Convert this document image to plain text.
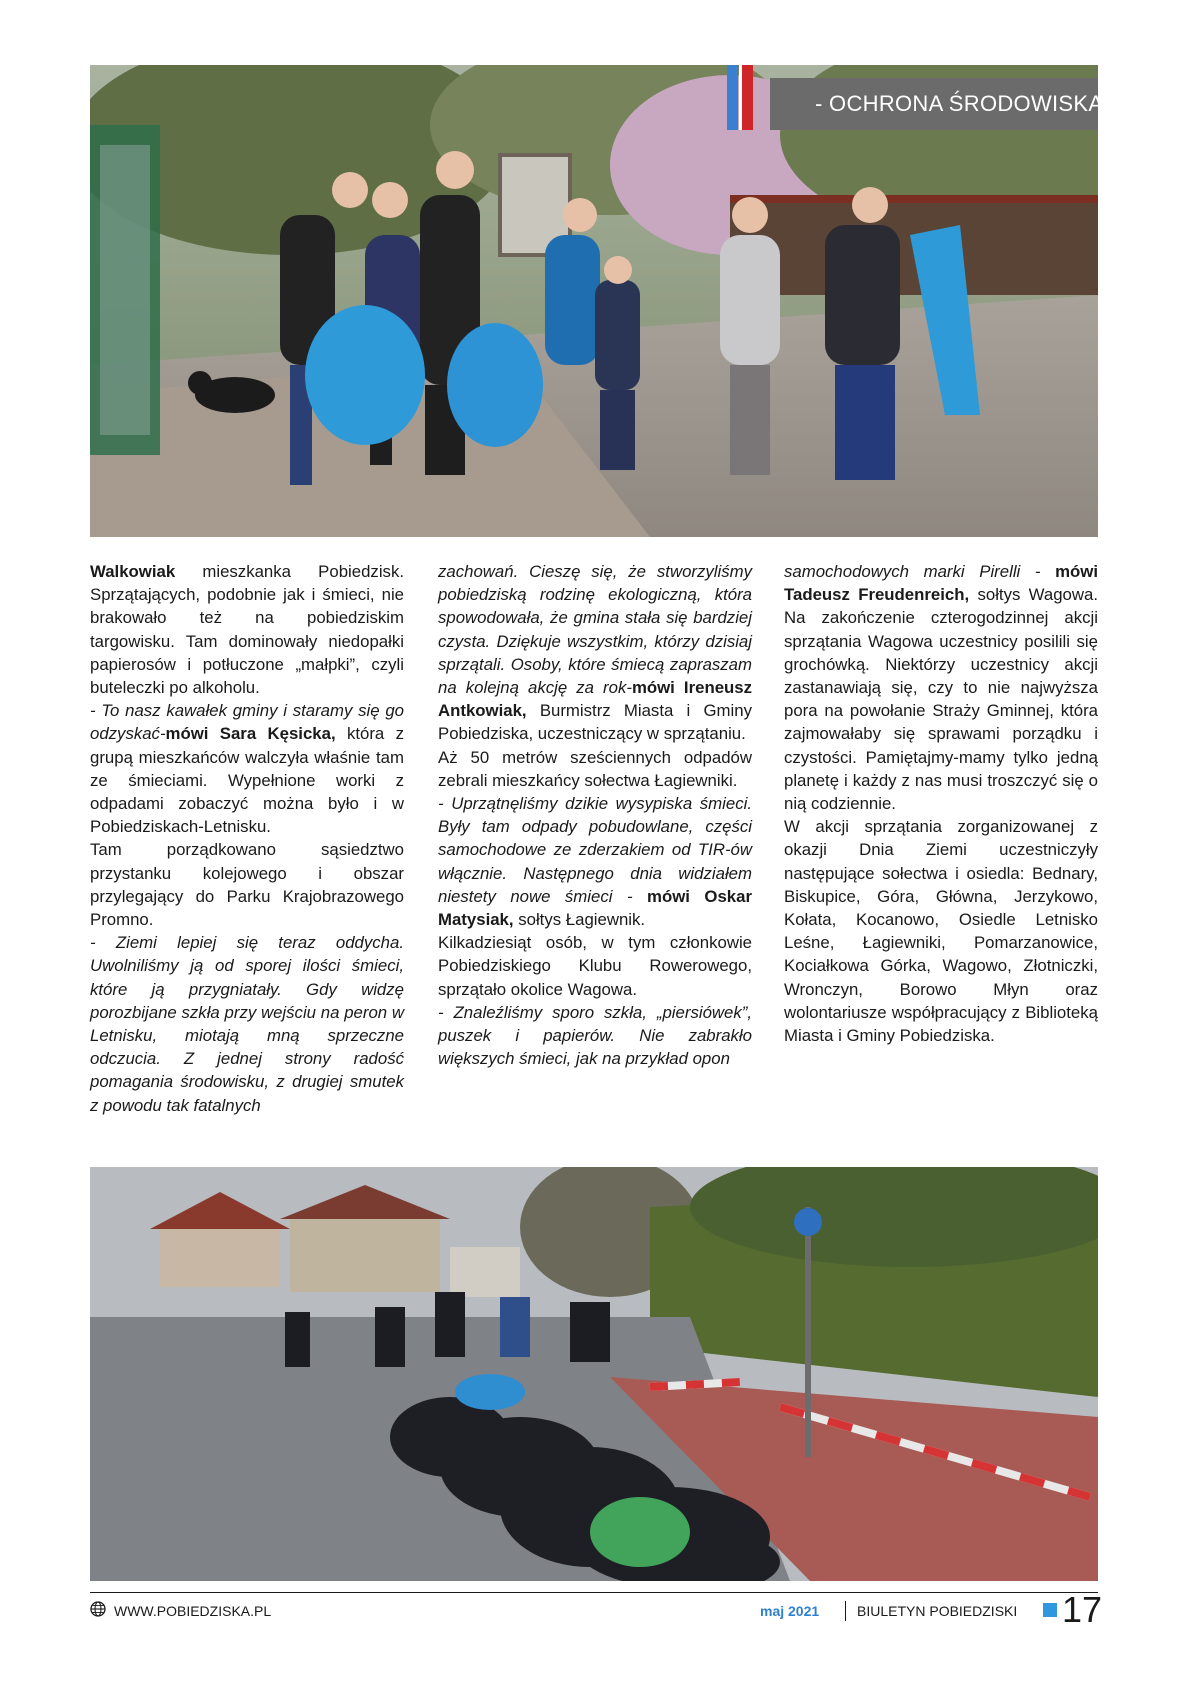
- OCHRONA ŚRODOWISKA

Walkowiak mieszkanka Pobiedzisk. Sprzątających, podobnie jak i śmieci, nie brakowało też na pobiedziskim targowisku. Tam dominowały niedopałki papierosów i potłuczone „małpki”, czyli buteleczki po alkoholu.

- To nasz kawałek gminy i staramy się go odzyskać-mówi Sara Kęsicka, która z grupą mieszkańców walczyła właśnie tam ze śmieciami. Wypełnione worki z odpadami zobaczyć można było i w Pobiedziskach-Letnisku.

Tam porządkowano sąsiedztwo przystanku kolejowego i obszar przylegający do Parku Krajobrazowego Promno.

- Ziemi lepiej się teraz oddycha. Uwolniliśmy ją od sporej ilości śmieci, które ją przygniatały. Gdy widzę porozbijane szkła przy wejściu na peron w Letnisku, miotają mną sprzeczne odczucia. Z jednej strony radość pomagania środowisku, z drugiej smutek z powodu tak fatalnych

zachowań. Cieszę się, że stworzyliśmy pobiedziską rodzinę ekologiczną, która spowodowała, że gmina stała się bardziej czysta. Dziękuje wszystkim, którzy dzisiaj sprzątali. Osoby, które śmiecą zapraszam na kolejną akcję za rok-mówi Ireneusz Antkowiak, Burmistrz Miasta i Gminy Pobiedziska, uczestniczący w sprzątaniu.

Aż 50 metrów sześciennych odpadów zebrali mieszkańcy sołectwa Łagiewniki.

- Uprzątnęliśmy dzikie wysypiska śmieci. Były tam odpady pobudowlane, części samochodowe ze zderzakiem od TIR-ów włącznie. Następnego dnia widziałem niestety nowe śmieci - mówi Oskar Matysiak, sołtys Łagiewnik.

Kilkadziesiąt osób, w tym członkowie Pobiedziskiego Klubu Rowerowego, sprzątało okolice Wagowa.

- Znaleźliśmy sporo szkła, „piersiówek”, puszek i papierów. Nie zabrakło większych śmieci, jak na przykład opon

samochodowych marki Pirelli - mówi Tadeusz Freudenreich, sołtys Wagowa. Na zakończenie czterogodzinnej akcji sprzątania Wagowa uczestnicy posilili się grochówką. Niektórzy uczestnicy akcji zastanawiają się, czy to nie najwyższa pora na powołanie Straży Gminnej, która zajmowałaby się sprawami porządku i czystości. Pamiętajmy-mamy tylko jedną planetę i każdy z nas musi troszczyć się o nią codziennie.

W akcji sprzątania zorganizowanej z okazji Dnia Ziemi uczestniczyły następujące sołectwa i osiedla: Bednary, Biskupice, Góra, Główna, Jerzykowo, Kołata, Kocanowo, Osiedle Letnisko Leśne, Łagiewniki, Pomarzanowice, Kociałkowa Górka, Wagowo, Złotniczki, Wronczyn, Borowo Młyn oraz wolontariusze współpracujący z Biblioteką Miasta i Gminy Pobiedziska.

WWW.POBIEDZISKA.PL	maj 2021	BIULETYN POBIEDZISKI 17
